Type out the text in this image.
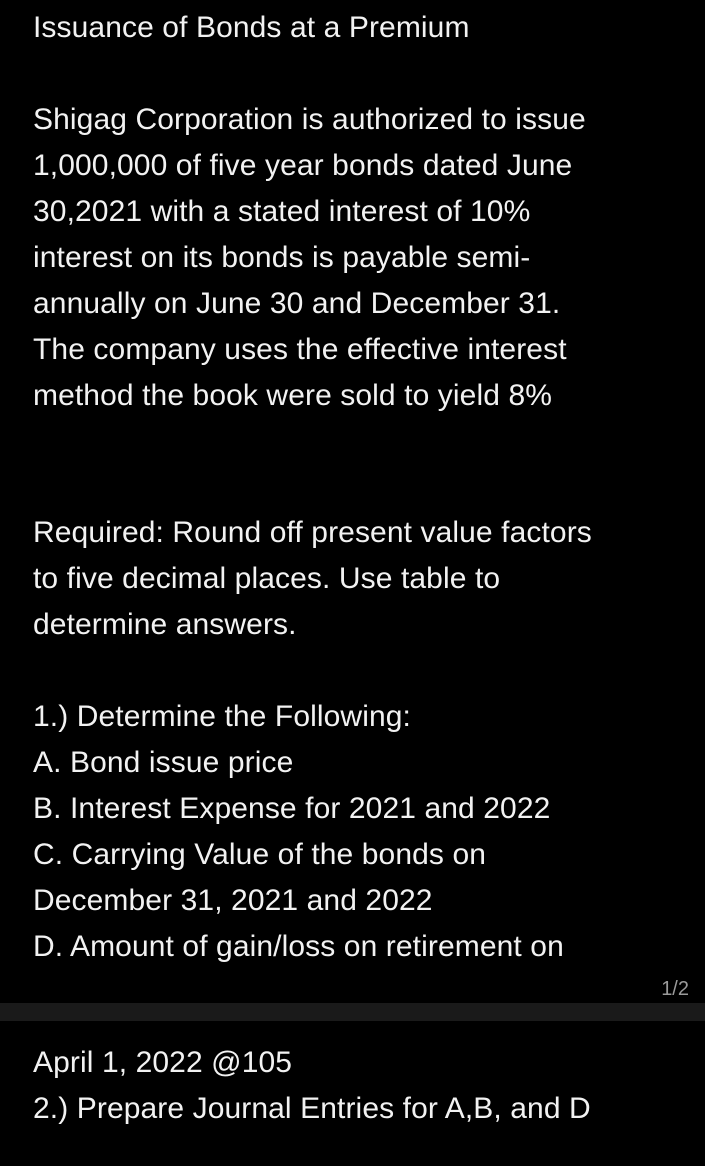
Issuance of Bonds at a Premium
Shigag Corporation is authorized to issue
1,000,000 of five year bonds dated June
30,2021 with a stated interest of 10%
interest on its bonds is payable semi-
annually on June 30 and December 31.
The company uses the effective interest
method the book were sold to yield 8%
Required: Round off present value factors
to five decimal places. Use table to
determine answers.
1.) Determine the Following:
A. Bond issue price
B. Interest Expense for 2021 and 2022
C. Carrying Value of the bonds on
December 31, 2021 and 2022
D. Amount of gain/loss on retirement on
1/2
April 1, 2022 @105
2.) Prepare Journal Entries for A,B, and D
